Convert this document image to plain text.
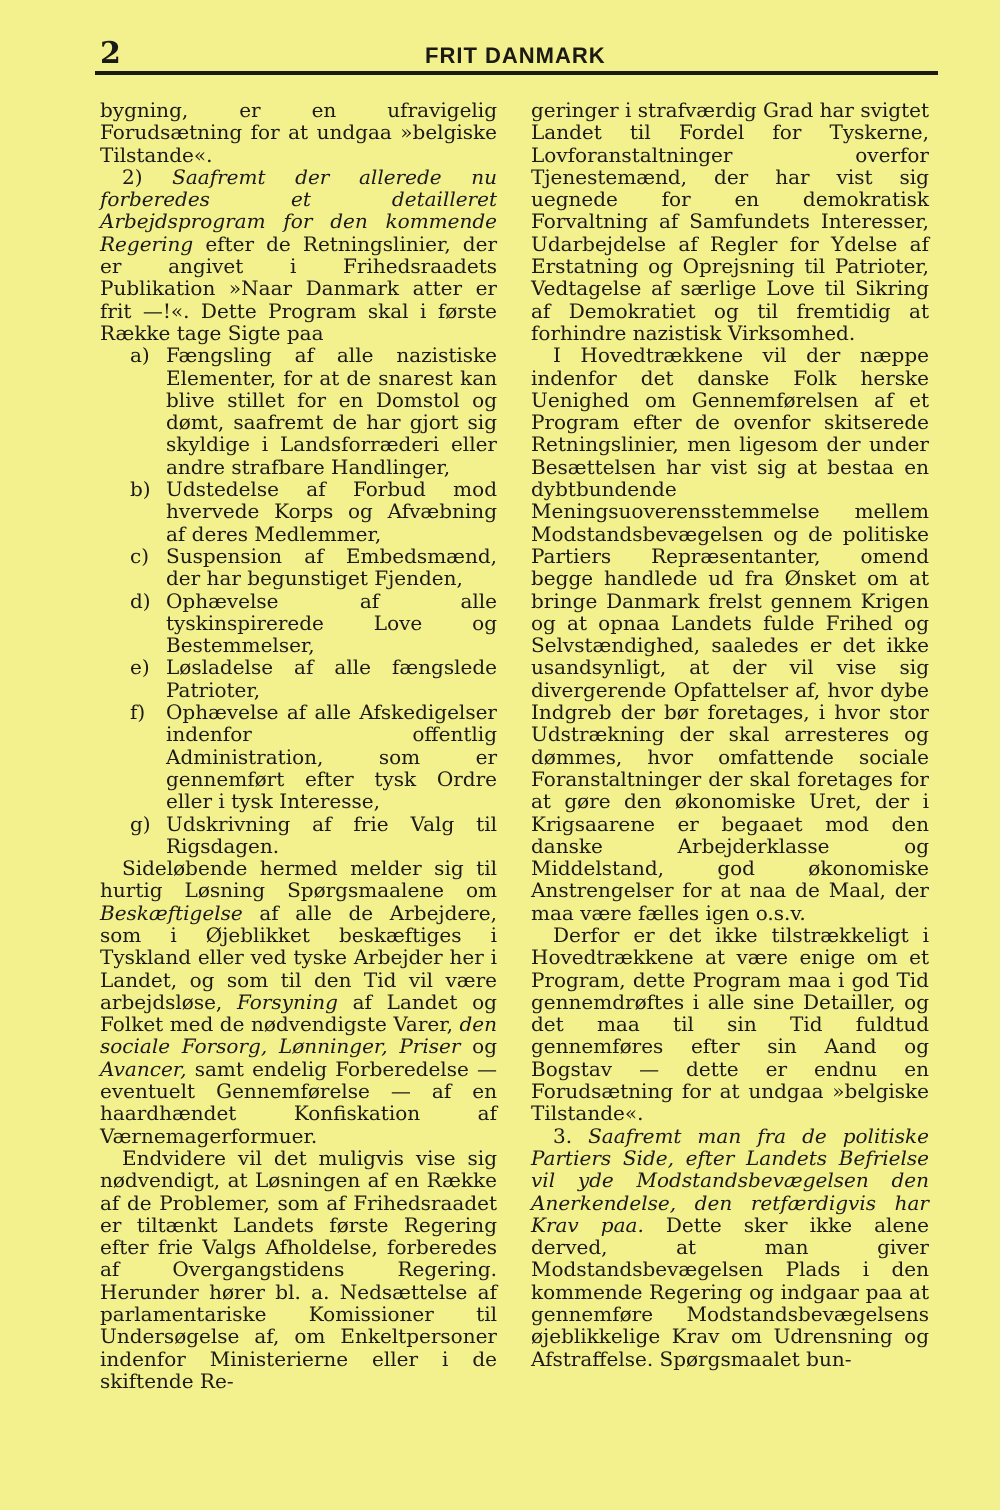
2	FRIT DANMARK

bygning, er en ufravigelig Forudsætning for at undgaa »belgiske Tilstande«.

2) Saafremt der allerede nu forberedes et detailleret Arbejdsprogram for den kommende Regering efter de Retningslinier, der er angivet i Frihedsraadets Publikation »Naar Danmark atter er frit —!«. Dette Program skal i første Række tage Sigte paa

a) Fængsling af alle nazistiske Elementer, for at de snarest kan blive stillet for en Domstol og dømt, saafremt de har gjort sig skyldige i Landsforræderi eller andre strafbare Handlinger,
b) Udstedelse af Forbud mod hvervede Korps og Afvæbning af deres Medlemmer,
c) Suspension af Embedsmænd, der har begunstiget Fjenden,
d) Ophævelse af alle tyskinspirerede Love og Bestemmelser,
e) Løsladelse af alle fængslede Patrioter,
f) Ophævelse af alle Afskedigelser indenfor offentlig Administration, som er gennemført efter tysk Ordre eller i tysk Interesse,
g) Udskrivning af frie Valg til Rigsdagen.

Sideløbende hermed melder sig til hurtig Løsning Spørgsmaalene om Beskæftigelse af alle de Arbejdere, som i Øjeblikket beskæftiges i Tyskland eller ved tyske Arbejder her i Landet, og som til den Tid vil være arbejdsløse, Forsyning af Landet og Folket med de nødvendigste Varer, den sociale Forsorg, Lønninger, Priser og Avancer, samt endelig Forberedelse — eventuelt Gennemførelse — af en haardhændet Konfiskation af Værnemagerformuer.

Endvidere vil det muligvis vise sig nødvendigt, at Løsningen af en Række af de Problemer, som af Frihedsraadet er tiltænkt Landets første Regering efter frie Valgs Afholdelse, forberedes af Overgangstidens Regering. Herunder hører bl. a. Nedsættelse af parlamentariske Komissioner til Undersøgelse af, om Enkeltpersoner indenfor Ministerierne eller i de skiftende Re-

geringer i strafværdig Grad har svigtet Landet til Fordel for Tyskerne, Lovforanstaltninger overfor Tjenestemænd, der har vist sig uegnede for en demokratisk Forvaltning af Samfundets Interesser, Udarbejdelse af Regler for Ydelse af Erstatning og Oprejsning til Patrioter, Vedtagelse af særlige Love til Sikring af Demokratiet og til fremtidig at forhindre nazistisk Virksomhed.

I Hovedtrækkene vil der næppe indenfor det danske Folk herske Uenighed om Gennemførelsen af et Program efter de ovenfor skitserede Retningslinier, men ligesom der under Besættelsen har vist sig at bestaa en dybtbundende Meningsuoverensstemmelse mellem Modstandsbevægelsen og de politiske Partiers Repræsentanter, omend begge handlede ud fra Ønsket om at bringe Danmark frelst gennem Krigen og at opnaa Landets fulde Frihed og Selvstændighed, saaledes er det ikke usandsynligt, at der vil vise sig divergerende Opfattelser af, hvor dybe Indgreb der bør foretages, i hvor stor Udstrækning der skal arresteres og dømmes, hvor omfattende sociale Foranstaltninger der skal foretages for at gøre den økonomiske Uret, der i Krigsaarene er begaaet mod den danske Arbejderklasse og Middelstand, god økonomiske Anstrengelser for at naa de Maal, der maa være fælles igen o.s.v.

Derfor er det ikke tilstrækkeligt i Hovedtrækkene at være enige om et Program, dette Program maa i god Tid gennemdrøftes i alle sine Detailler, og det maa til sin Tid fuldtud gennemføres efter sin Aand og Bogstav — dette er endnu en Forudsætning for at undgaa »belgiske Tilstande«.

3. Saafremt man fra de politiske Partiers Side, efter Landets Befrielse vil yde Modstandsbevægelsen den Anerkendelse, den retfærdigvis har Krav paa. Dette sker ikke alene derved, at man giver Modstandsbevægelsen Plads i den kommende Regering og indgaar paa at gennemføre Modstandsbevægelsens øjeblikkelige Krav om Udrensning og Afstraffelse. Spørgsmaalet bun-
